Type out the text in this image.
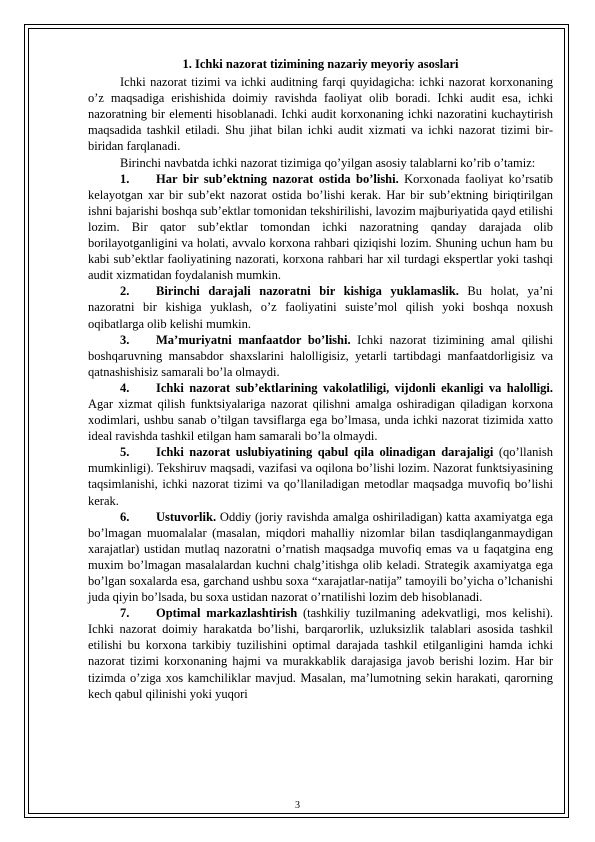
1. Ichki nazorat tizimining nazariy meyoriy asoslari

Ichki nazorat tizimi va ichki auditning farqi quyidagicha: ichki nazorat korxonaning o’z maqsadiga erishishida doimiy ravishda faoliyat olib boradi. Ichki audit esa, ichki nazoratning bir elementi hisoblanadi. Ichki audit korxonaning ichki nazoratini kuchaytirish maqsadida tashkil etiladi. Shu jihat bilan ichki audit xizmati va ichki nazorat tizimi bir-biridan farqlanadi.

Birinchi navbatda ichki nazorat tizimiga qo’yilgan asosiy talablarni ko’rib o’tamiz:

1. Har bir sub’ektning nazorat ostida bo’lishi. Korxonada faoliyat ko’rsatib kelayotgan xar bir sub’ekt nazorat ostida bo’lishi kerak. Har bir sub’ektning biriqtirilgan ishni bajarishi boshqa sub’ektlar tomonidan tekshirilishi, lavozim majburiyatida qayd etilishi lozim. Bir qator sub’ektlar tomondan ichki nazoratning qanday darajada olib borilayotganligini va holati, avvalo korxona rahbari qiziqishi lozim. Shuning uchun ham bu kabi sub’ektlar faoliyatining nazorati, korxona rahbari har xil turdagi ekspertlar yoki tashqi audit xizmatidan foydalanish mumkin.

2. Birinchi darajali nazoratni bir kishiga yuklamaslik. Bu holat, ya’ni nazoratni bir kishiga yuklash, o’z faoliyatini suiste’mol qilish yoki boshqa noxush oqibatlarga olib kelishi mumkin.

3. Ma’muriyatni manfaatdor bo’lishi. Ichki nazorat tizimining amal qilishi boshqaruvning mansabdor shaxslarini halolligisiz, yetarli tartibdagi manfaatdorligisiz va qatnashishisiz samarali bo’la olmaydi.

4. Ichki nazorat sub’ektlarining vakolatliligi, vijdonli ekanligi va halolligi. Agar xizmat qilish funktsiyalariga nazorat qilishni amalga oshiradigan qiladigan korxona xodimlari, ushbu sanab o’tilgan tavsiflarga ega bo’lmasa, unda ichki nazorat tizimida xatto ideal ravishda tashkil etilgan ham samarali bo’la olmaydi.

5. Ichki nazorat uslubiyatining qabul qila olinadigan darajaligi (qo’llanish mumkinligi). Tekshiruv maqsadi, vazifasi va oqilona bo’lishi lozim. Nazorat funktsiyasining taqsimlanishi, ichki nazorat tizimi va qo’llaniladigan metodlar maqsadga muvofiq bo’lishi kerak.

6. Ustuvorlik. Oddiy (joriy ravishda amalga oshiriladigan) katta axamiyatga ega bo’lmagan muomalalar (masalan, miqdori mahalliy nizomlar bilan tasdiqlanganmaydigan xarajatlar) ustidan mutlaq nazoratni o’rnatish maqsadga muvofiq emas va u faqatgina eng muxim bo’lmagan masalalardan kuchni chalg’itishga olib keladi. Strategik axamiyatga ega bo’lgan soxalarda esa, garchand ushbu soxa “xarajatlar-natija” tamoyili bo’yicha o’lchanishi juda qiyin bo’lsada, bu soxa ustidan nazorat o’rnatilishi lozim deb hisoblanadi.

7. Optimal markazlashtirish (tashkiliy tuzilmaning adekvatligi, mos kelishi). Ichki nazorat doimiy harakatda bo’lishi, barqarorlik, uzluksizlik talablari asosida tashkil etilishi bu korxona tarkibiy tuzilishini optimal darajada tashkil etilganligini hamda ichki nazorat tizimi korxonaning hajmi va murakkablik darajasiga javob berishi lozim. Har bir tizimda o’ziga xos kamchiliklar mavjud. Masalan, ma’lumotning sekin harakati, qarorning kech qabul qilinishi yoki yuqori

3
